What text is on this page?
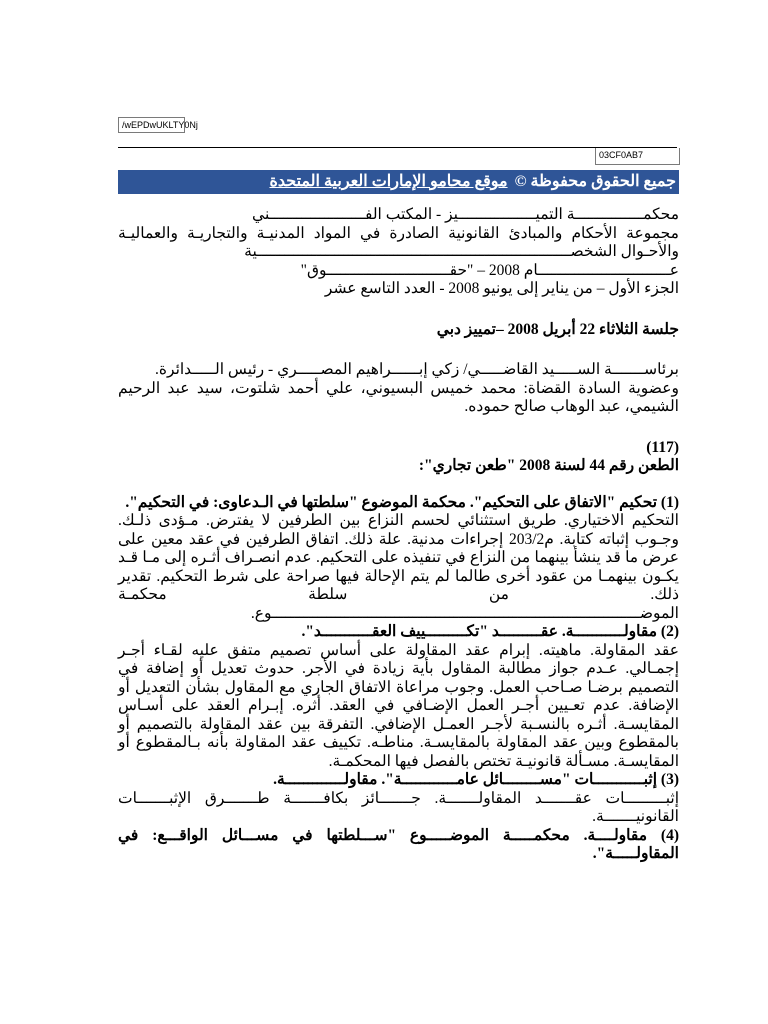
/wEPDwUKLTY0Nj
03CF0AB7
جميع الحقوق محفوظة © موقع محامو الإمارات العربية المتحدة

محكمـــــــــــــــة التميـــــــــــــــــيز - المكتب الفـــــــــــــــــــــني

مجموعة الأحكام والمبادئ القانونية الصادرة في المواد المدنيـة والتجاريـة والعماليـة والأحـوال الشخصـــــــــــــــــــــــــــــــــــــــــــــــــــــــــــــــــــــية

عـــــــــــــــــــــــــــــام 2008 – "حقـــــــــــــــــــــــــــوق"

الجزء الأول – من يناير إلى يونيو 2008 - العدد التاسع عشر

جلسة الثلاثاء 22 أبريل 2008 –تمييز دبي

برئاســـــــة الســـــيد القاضـــــي/ زكي إبــــــراهيم المصـــــري - رئيس الـــــدائرة.

وعضوية السادة القضاة: محمد خميس البسيوني، علي أحمد شلتوت، سيد عبد الرحيم الشيمي، عبد الوهاب صالح حموده.

(117)

الطعن رقم 44 لسنة 2008 "طعن تجاري":

(1) تحكيم "الاتفاق على التحكيم". محكمة الموضوع "سلطتها في الـدعاوى: في التحكيم".

التحكيم الاختياري. طريق استثنائي لحسم النزاع بين الطرفين لا يفترض. مـؤدى ذلـك. وجـوب إثباته كتابة. م203/2 إجراءات مدنية. علة ذلك. اتفاق الطرفين في عقد معين على عرض ما قد ينشأ بينهما من النزاع في تنفيذه على التحكيم. عدم انصـراف أثـره إلى مـا قـد يكـون بينهمـا من عقود أخرى طالما لم يتم الإحالة فيها صراحة على شرط التحكيم. تقدير ذلك. من سلطة محكمـة الموضـــــــــــــــــــــــــــــــــــــــــــــــــــــــــــــــــــــــــــــــــوع.

(2) مقاولـــــــــــة. عقـــــــــد "تكـــــــــييف العقـــــــــــد".

عقد المقاولة. ماهيته. إبرام عقد المقاولة على أساس تصميم متفق عليه لقـاء أجـر إجمـالي. عـدم جواز مطالبة المقاول بأية زيادة في الأجر. حدوث تعديل أو إضافة في التصميم برضـا صـاحب العمل. وجوب مراعاة الاتفاق الجاري مع المقاول بشأن التعديل أو الإضافة. عدم تعـيين أجـر العمل الإضـافي في العقد. أثره. إبـرام العقد على أسـاس المقايسـة. أثـره بالنسـبة لأجـر العمـل الإضافي. التفرقة بين عقد المقاولة بالتصميم أو بالمقطوع وبين عقد المقاولة بالمقايسـة. مناطـه. تكييف عقد المقاولة بأنه بـالمقطوع أو المقايسـة. مسـألة قانونيـة تختص بالفصل فيها المحكمـة.

(3) إثبـــــــــــات "مســــــــائل عامــــــــــــة". مقاولـــــــــــــة.

إثبـــــــــات عقـــــــد المقاولـــــــة. جـــــــائز بكافـــــــة طـــــــرق الإثبـــــــات القانونيـــــــة.

(4) مقاولــــة. محكمـــــة الموضـــــوع "ســـلطتها في مســـائل الواقـــع: في المقاولـــــة".
